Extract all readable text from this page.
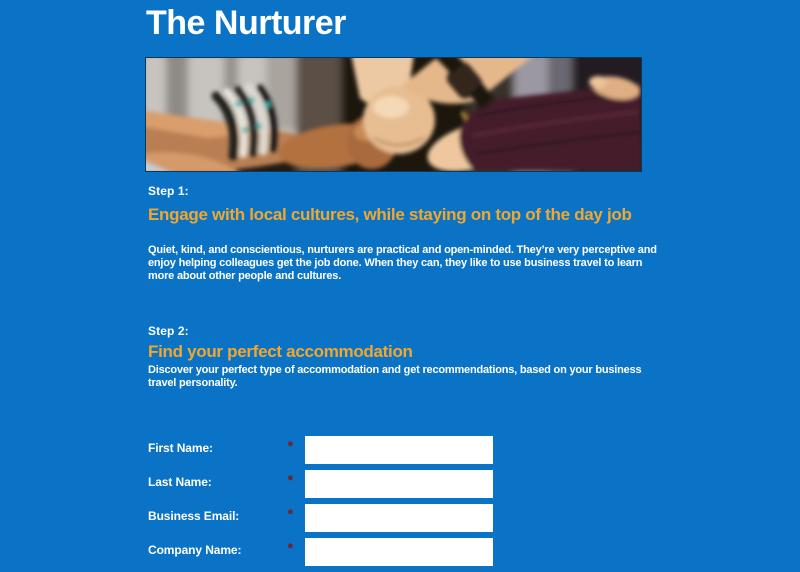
The Nurturer
Step 1:
Engage with local cultures, while staying on top of the day job

Quiet, kind, and conscientious, nurturers are practical and open-minded. They’re very perceptive and enjoy helping colleagues get the job done. When they can, they like to use business travel to learn more about other people and cultures.

Step 2:
Find your perfect accommodation

Discover your perfect type of accommodation and get recommendations, based on your business travel personality.

First Name:	*
Last Name:	*
Business Email:	*
Company Name:	*
